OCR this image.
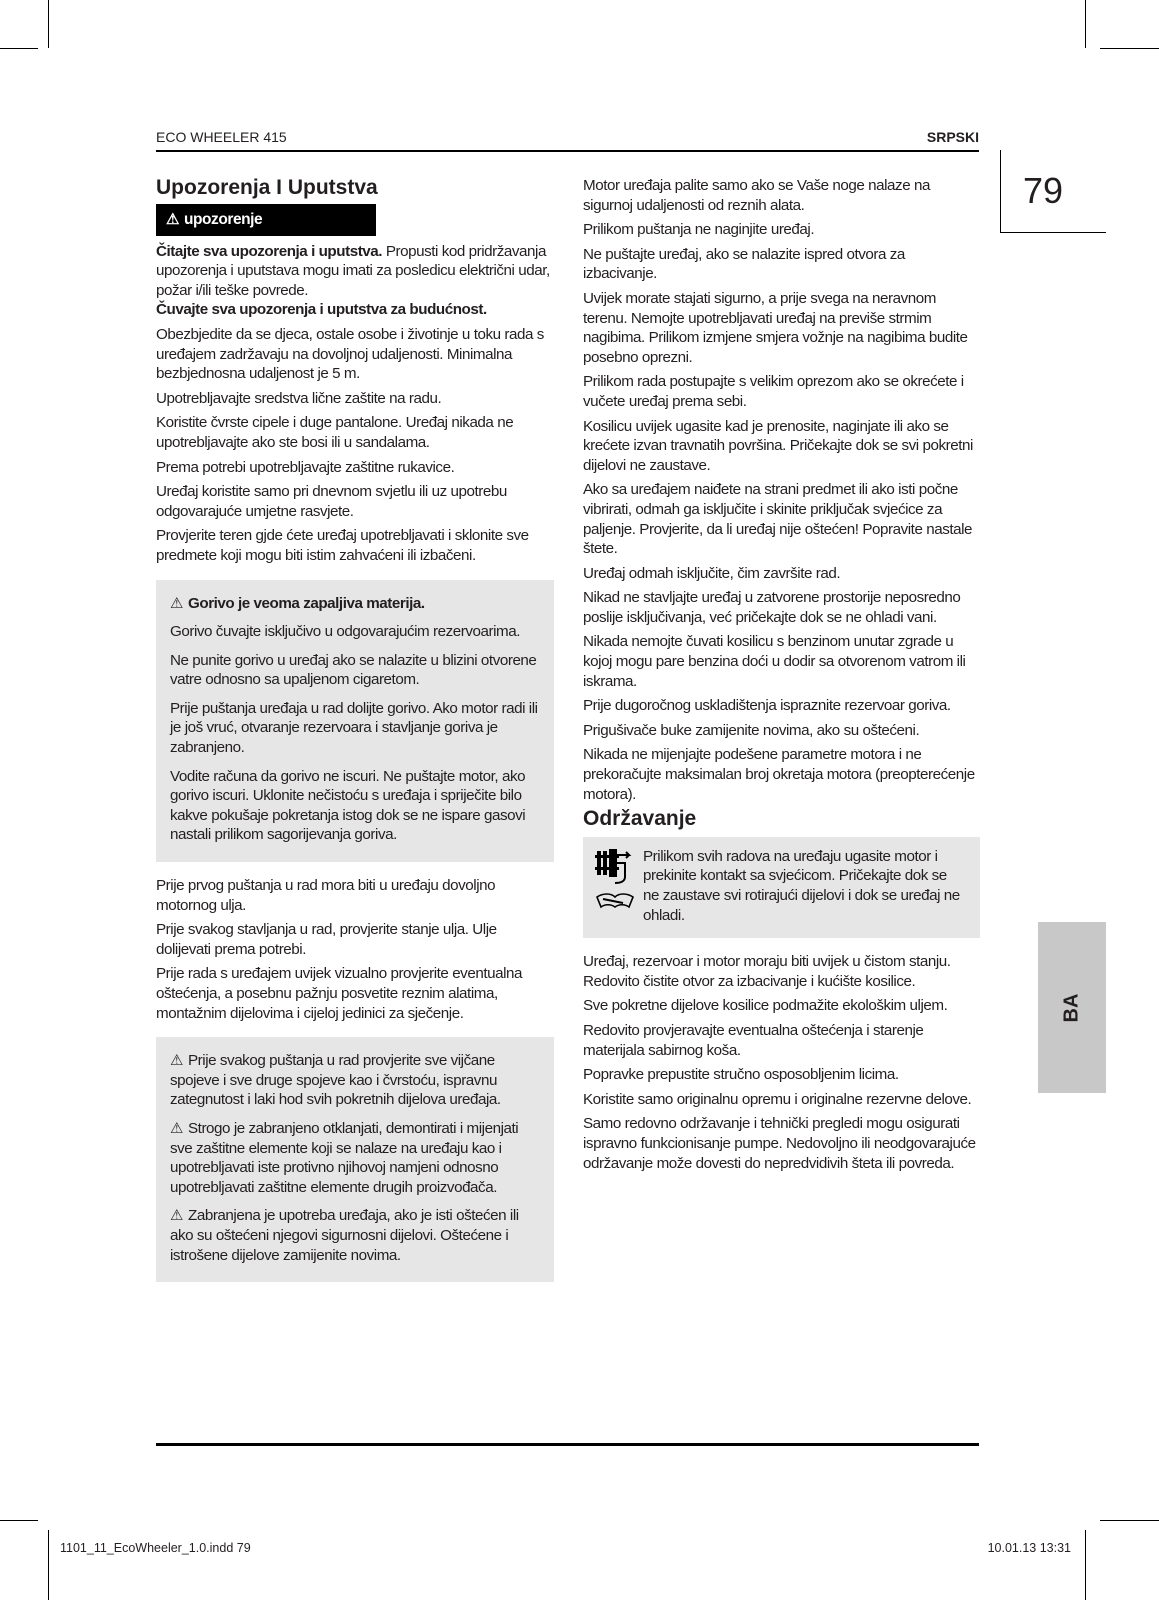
ECO WHEELER 415	SRPSKI
79
BA
Upozorenja I Uputstva
⚠ upozorenje

Čitajte sva upozorenja i uputstva. Propusti kod pridržavanja upozorenja i uputstava mogu imati za posledicu električni udar, požar i/ili teške povrede.
Čuvajte sva upozorenja i uputstva za budućnost.

Obezbjedite da se djeca, ostale osobe i životinje u toku rada s uređajem zadržavaju na dovoljnoj udaljenosti. Minimalna bezbjednosna udaljenost je 5 m.

Upotrebljavajte sredstva lične zaštite na radu.

Koristite čvrste cipele i duge pantalone. Uređaj nikada ne upotrebljavajte ako ste bosi ili u sandalama.

Prema potrebi upotrebljavajte zaštitne rukavice.

Uređaj koristite samo pri dnevnom svjetlu ili uz upotrebu odgovarajuće umjetne rasvjete.

Provjerite teren gjde ćete uređaj upotrebljavati i sklonite sve predmete koji mogu biti istim zahvaćeni ili izbačeni.

⚠ Gorivo je veoma zapaljiva materija.

Gorivo čuvajte isključivo u odgovarajućim rezervoarima.

Ne punite gorivo u uređaj ako se nalazite u blizini otvorene vatre odnosno sa upaljenom cigaretom.

Prije puštanja uređaja u rad dolijte gorivo. Ako motor radi ili je još vruć, otvaranje rezervoara i stavljanje goriva je zabranjeno.

Vodite računa da gorivo ne iscuri. Ne puštajte motor, ako gorivo iscuri. Uklonite nečistoću s uređaja i spriječite bilo kakve pokušaje pokretanja istog dok se ne ispare gasovi nastali prilikom sagorijevanja goriva.

Prije prvog puštanja u rad mora biti u uređaju dovoljno motornog ulja.

Prije svakog stavljanja u rad, provjerite stanje ulja. Ulje dolijevati prema potrebi.

Prije rada s uređajem uvijek vizualno provjerite eventualna oštećenja, a posebnu pažnju posvetite reznim alatima, montažnim dijelovima i cijeloj jedinici za sječenje.

⚠ Prije svakog puštanja u rad provjerite sve vijčane spojeve i sve druge spojeve kao i čvrstoću, ispravnu zategnutost i laki hod svih pokretnih dijelova uređaja.

⚠ Strogo je zabranjeno otklanjati, demontirati i mijenjati sve zaštitne elemente koji se nalaze na uređaju kao i upotrebljavati iste protivno njihovoj namjeni odnosno upotrebljavati zaštitne elemente drugih proizvođača.

⚠ Zabranjena je upotreba uređaja, ako je isti oštećen ili ako su oštećeni njegovi sigurnosni dijelovi. Oštećene i istrošene dijelove zamijenite novima.

Motor uređaja palite samo ako se Vaše noge nalaze na sigurnoj udaljenosti od reznih alata.

Prilikom puštanja ne naginjite uređaj.

Ne puštajte uređaj, ako se nalazite ispred otvora za izbacivanje.

Uvijek morate stajati sigurno, a prije svega na neravnom terenu. Nemojte upotrebljavati uređaj na previše strmim nagibima. Prilikom izmjene smjera vožnje na nagibima budite posebno oprezni.

Prilikom rada postupajte s velikim oprezom ako se okrećete i vučete uređaj prema sebi.

Kosilicu uvijek ugasite kad je prenosite, naginjate ili ako se krećete izvan travnatih površina. Pričekajte dok se svi pokretni dijelovi ne zaustave.

Ako sa uređajem naiđete na strani predmet ili ako isti počne vibrirati, odmah ga isključite i skinite priključak svjećice za paljenje. Provjerite, da li uređaj nije oštećen! Popravite nastale štete.

Uređaj odmah isključite, čim završite rad.

Nikad ne stavljajte uređaj u zatvorene prostorije neposredno poslije isključivanja, već pričekajte dok se ne ohladi vani.

Nikada nemojte čuvati kosilicu s benzinom unutar zgrade u kojoj mogu pare benzina doći u dodir sa otvorenom vatrom ili iskrama.

Prije dugoročnog uskladištenja ispraznite rezervoar goriva.

Prigušivače buke zamijenite novima, ako su oštećeni.

Nikada ne mijenjajte podešene parametre motora i ne prekoračujte maksimalan broj okretaja motora (preopterećenje motora).

Održavanje

Prilikom svih radova na uređaju ugasite motor i prekinite kontakt sa svjećicom. Pričekajte dok se ne zaustave svi rotirajući dijelovi i dok se uređaj ne ohladi.

Uređaj, rezervoar i motor moraju biti uvijek u čistom stanju. Redovito čistite otvor za izbacivanje i kućište kosilice.

Sve pokretne dijelove kosilice podmažite ekološkim uljem.

Redovito provjeravajte eventualna oštećenja i starenje materijala sabirnog koša.

Popravke prepustite stručno osposobljenim licima.

Koristite samo originalnu opremu i originalne rezervne delove.

Samo redovno održavanje i tehnički pregledi mogu osigurati ispravno funkcionisanje pumpe. Nedovoljno ili neodgovarajuće održavanje može dovesti do nepredvidivih šteta ili povreda.

1101_11_EcoWheeler_1.0.indd 79	10.01.13 13:31
